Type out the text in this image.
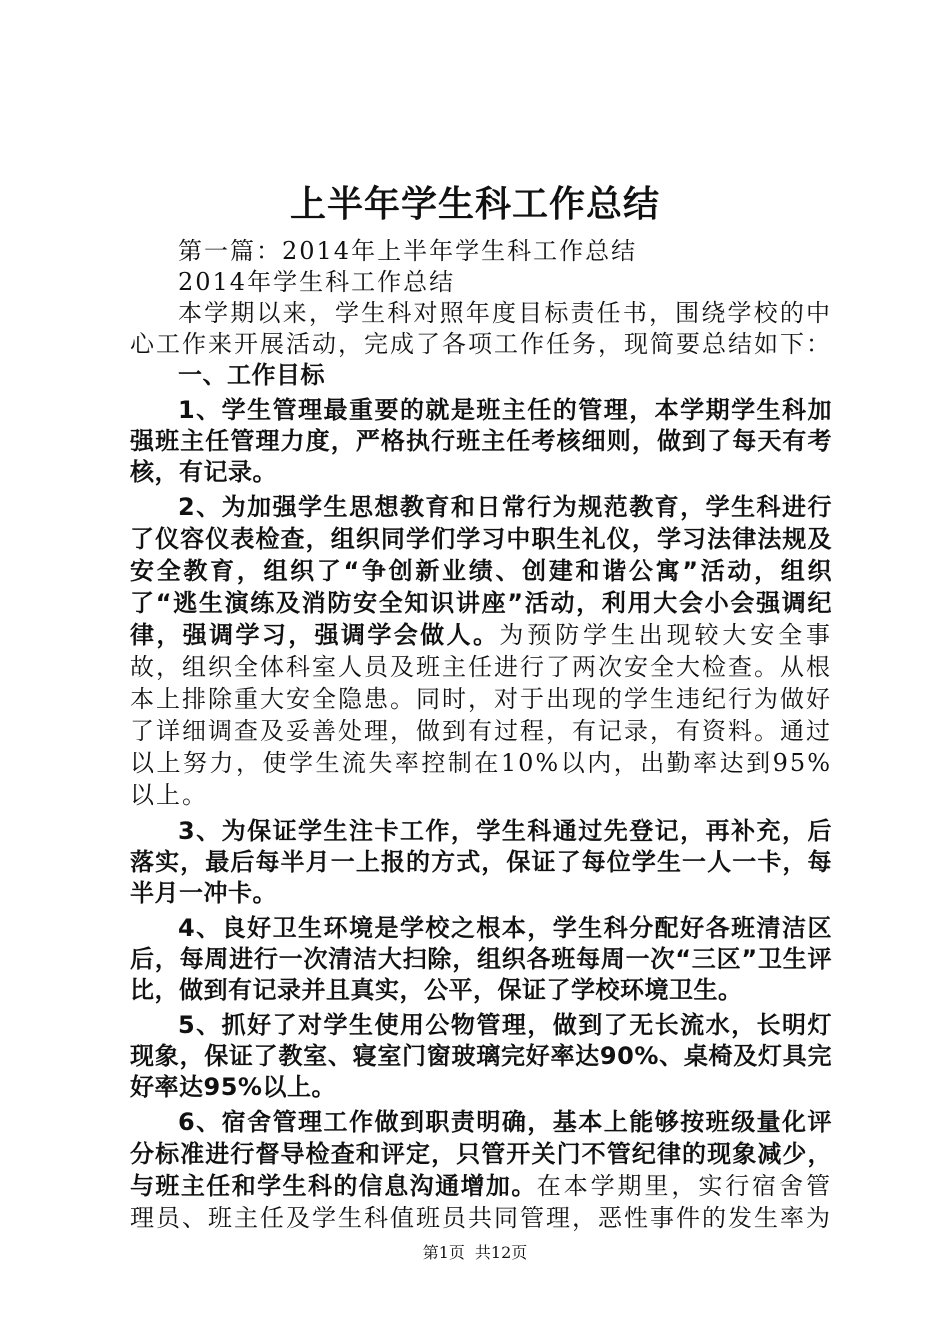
上半年学生科工作总结

第一篇：2014年上半年学生科工作总结

2014年学生科工作总结

本学期以来，学生科对照年度目标责任书，围绕学校的中心工作来开展活动，完成了各项工作任务，现简要总结如下：

一、工作目标

1、学生管理最重要的就是班主任的管理，本学期学生科加强班主任管理力度，严格执行班主任考核细则，做到了每天有考核，有记录。

2、为加强学生思想教育和日常行为规范教育，学生科进行了仪容仪表检查，组织同学们学习中职生礼仪，学习法律法规及安全教育，组织了“争创新业绩、创建和谐公寓”活动，组织了“逃生演练及消防安全知识讲座”活动，利用大会小会强调纪律，强调学习，强调学会做人。为预防学生出现较大安全事故，组织全体科室人员及班主任进行了两次安全大检查。从根本上排除重大安全隐患。同时，对于出现的学生违纪行为做好了详细调查及妥善处理，做到有过程，有记录，有资料。通过以上努力，使学生流失率控制在10%以内，出勤率达到95%以上。

3、为保证学生注卡工作，学生科通过先登记，再补充，后落实，最后每半月一上报的方式，保证了每位学生一人一卡，每半月一冲卡。

4、良好卫生环境是学校之根本，学生科分配好各班清洁区后，每周进行一次清洁大扫除，组织各班每周一次“三区”卫生评比，做到有记录并且真实，公平，保证了学校环境卫生。

5、抓好了对学生使用公物管理，做到了无长流水，长明灯现象，保证了教室、寝室门窗玻璃完好率达90%、桌椅及灯具完好率达95%以上。

6、宿舍管理工作做到职责明确，基本上能够按班级量化评分标准进行督导检查和评定，只管开关门不管纪律的现象减少，与班主任和学生科的信息沟通增加。在本学期里，实行宿舍管理员、班主任及学生科值班员共同管理，恶性事件的发生率为

第1页 共12页
